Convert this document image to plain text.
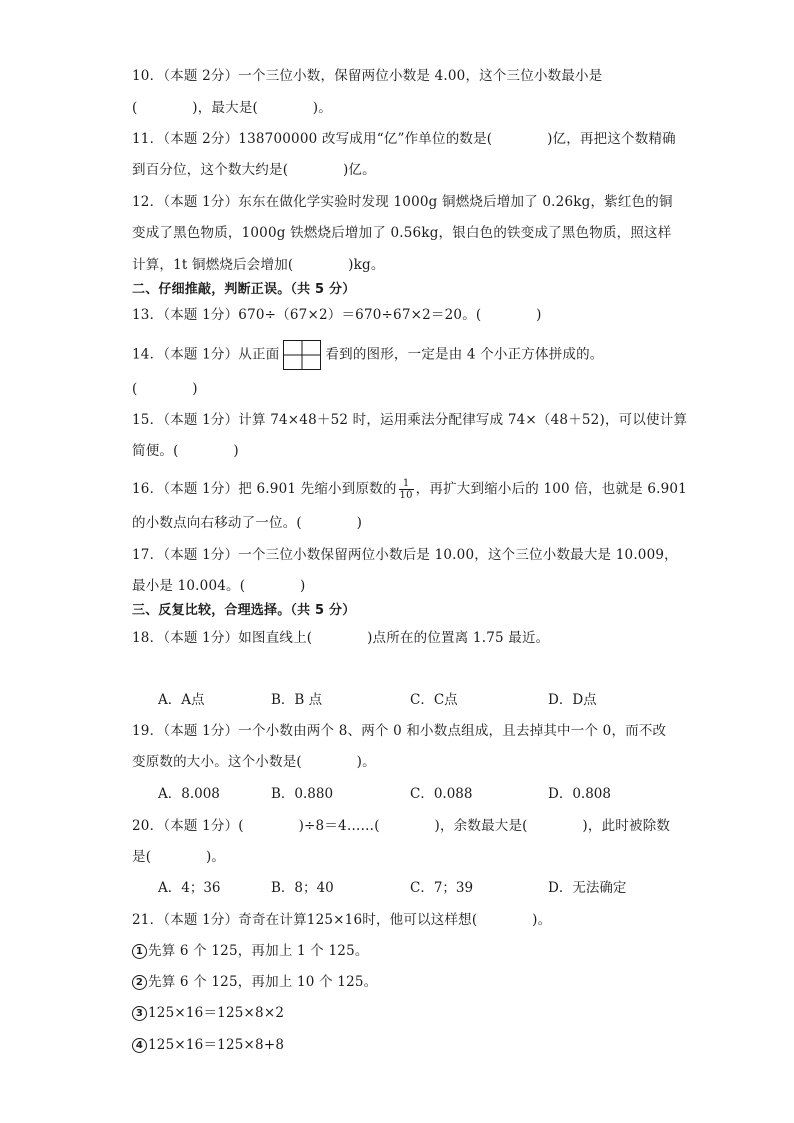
10．（本题 2分）一个三位小数，保留两位小数是 4.00，这个三位小数最小是
(　　　　)，最大是(　　　　)。
11．（本题 2分）138700000 改写成用“亿”作单位的数是(　　　　)亿，再把这个数精确
到百分位，这个数大约是(　　　　)亿。
12．（本题 1分）东东在做化学实验时发现 1000g 铜燃烧后增加了 0.26kg，紫红色的铜
变成了黑色物质，1000g 铁燃烧后增加了 0.56kg，银白色的铁变成了黑色物质，照这样
计算，1t 铜燃烧后会增加(　　　　)kg。
二、仔细推敲，判断正误。（共 5 分）
13．（本题 1分）670÷（67×2）＝670÷67×2＝20。(　　　　)
14．（本题 1分）从正面	看到的图形，一定是由 4 个小正方体拼成的。
(　　　　)
15．（本题 1分）计算 74×48＋52 时，运用乘法分配律写成 74×（48＋52)，可以使计算
简便。(　　　　)
16．（本题 1分）把 6.901 先缩小到原数的 $\frac{1}{10}$ ，再扩大到缩小后的 100 倍，也就是 6.901
的小数点向右移动了一位。(　　　　)
17．（本题 1分）一个三位小数保留两位小数后是 10.00，这个三位小数最大是 10.009，
最小是 10.004。(　　　　)
三、反复比较，合理选择。（共 5 分）
18．（本题 1分）如图直线上(　　　　)点所在的位置离 1.75 最近。
A．A点	B．B 点	C．C点	D．D点
19．（本题 1分）一个小数由两个 8、两个 0 和小数点组成，且去掉其中一个 0，而不改
变原数的大小。这个小数是(　　　　)。
A．8.008	B．0.880	C．0.088	D．0.808
20．（本题 1分）(　　　　)÷8＝4……(　　　　)，余数最大是(　　　　)，此时被除数
是(　　　　)。
A．4；36	B．8；40	C．7；39	D．无法确定
21．（本题 1分）奇奇在计算125×16时，他可以这样想(　　　　)。
1 先算 6 个 125，再加上 1 个 125。
2 先算 6 个 125，再加上 10 个 125。
3 125×16＝125×8×2
4 125×16＝125×8+8
